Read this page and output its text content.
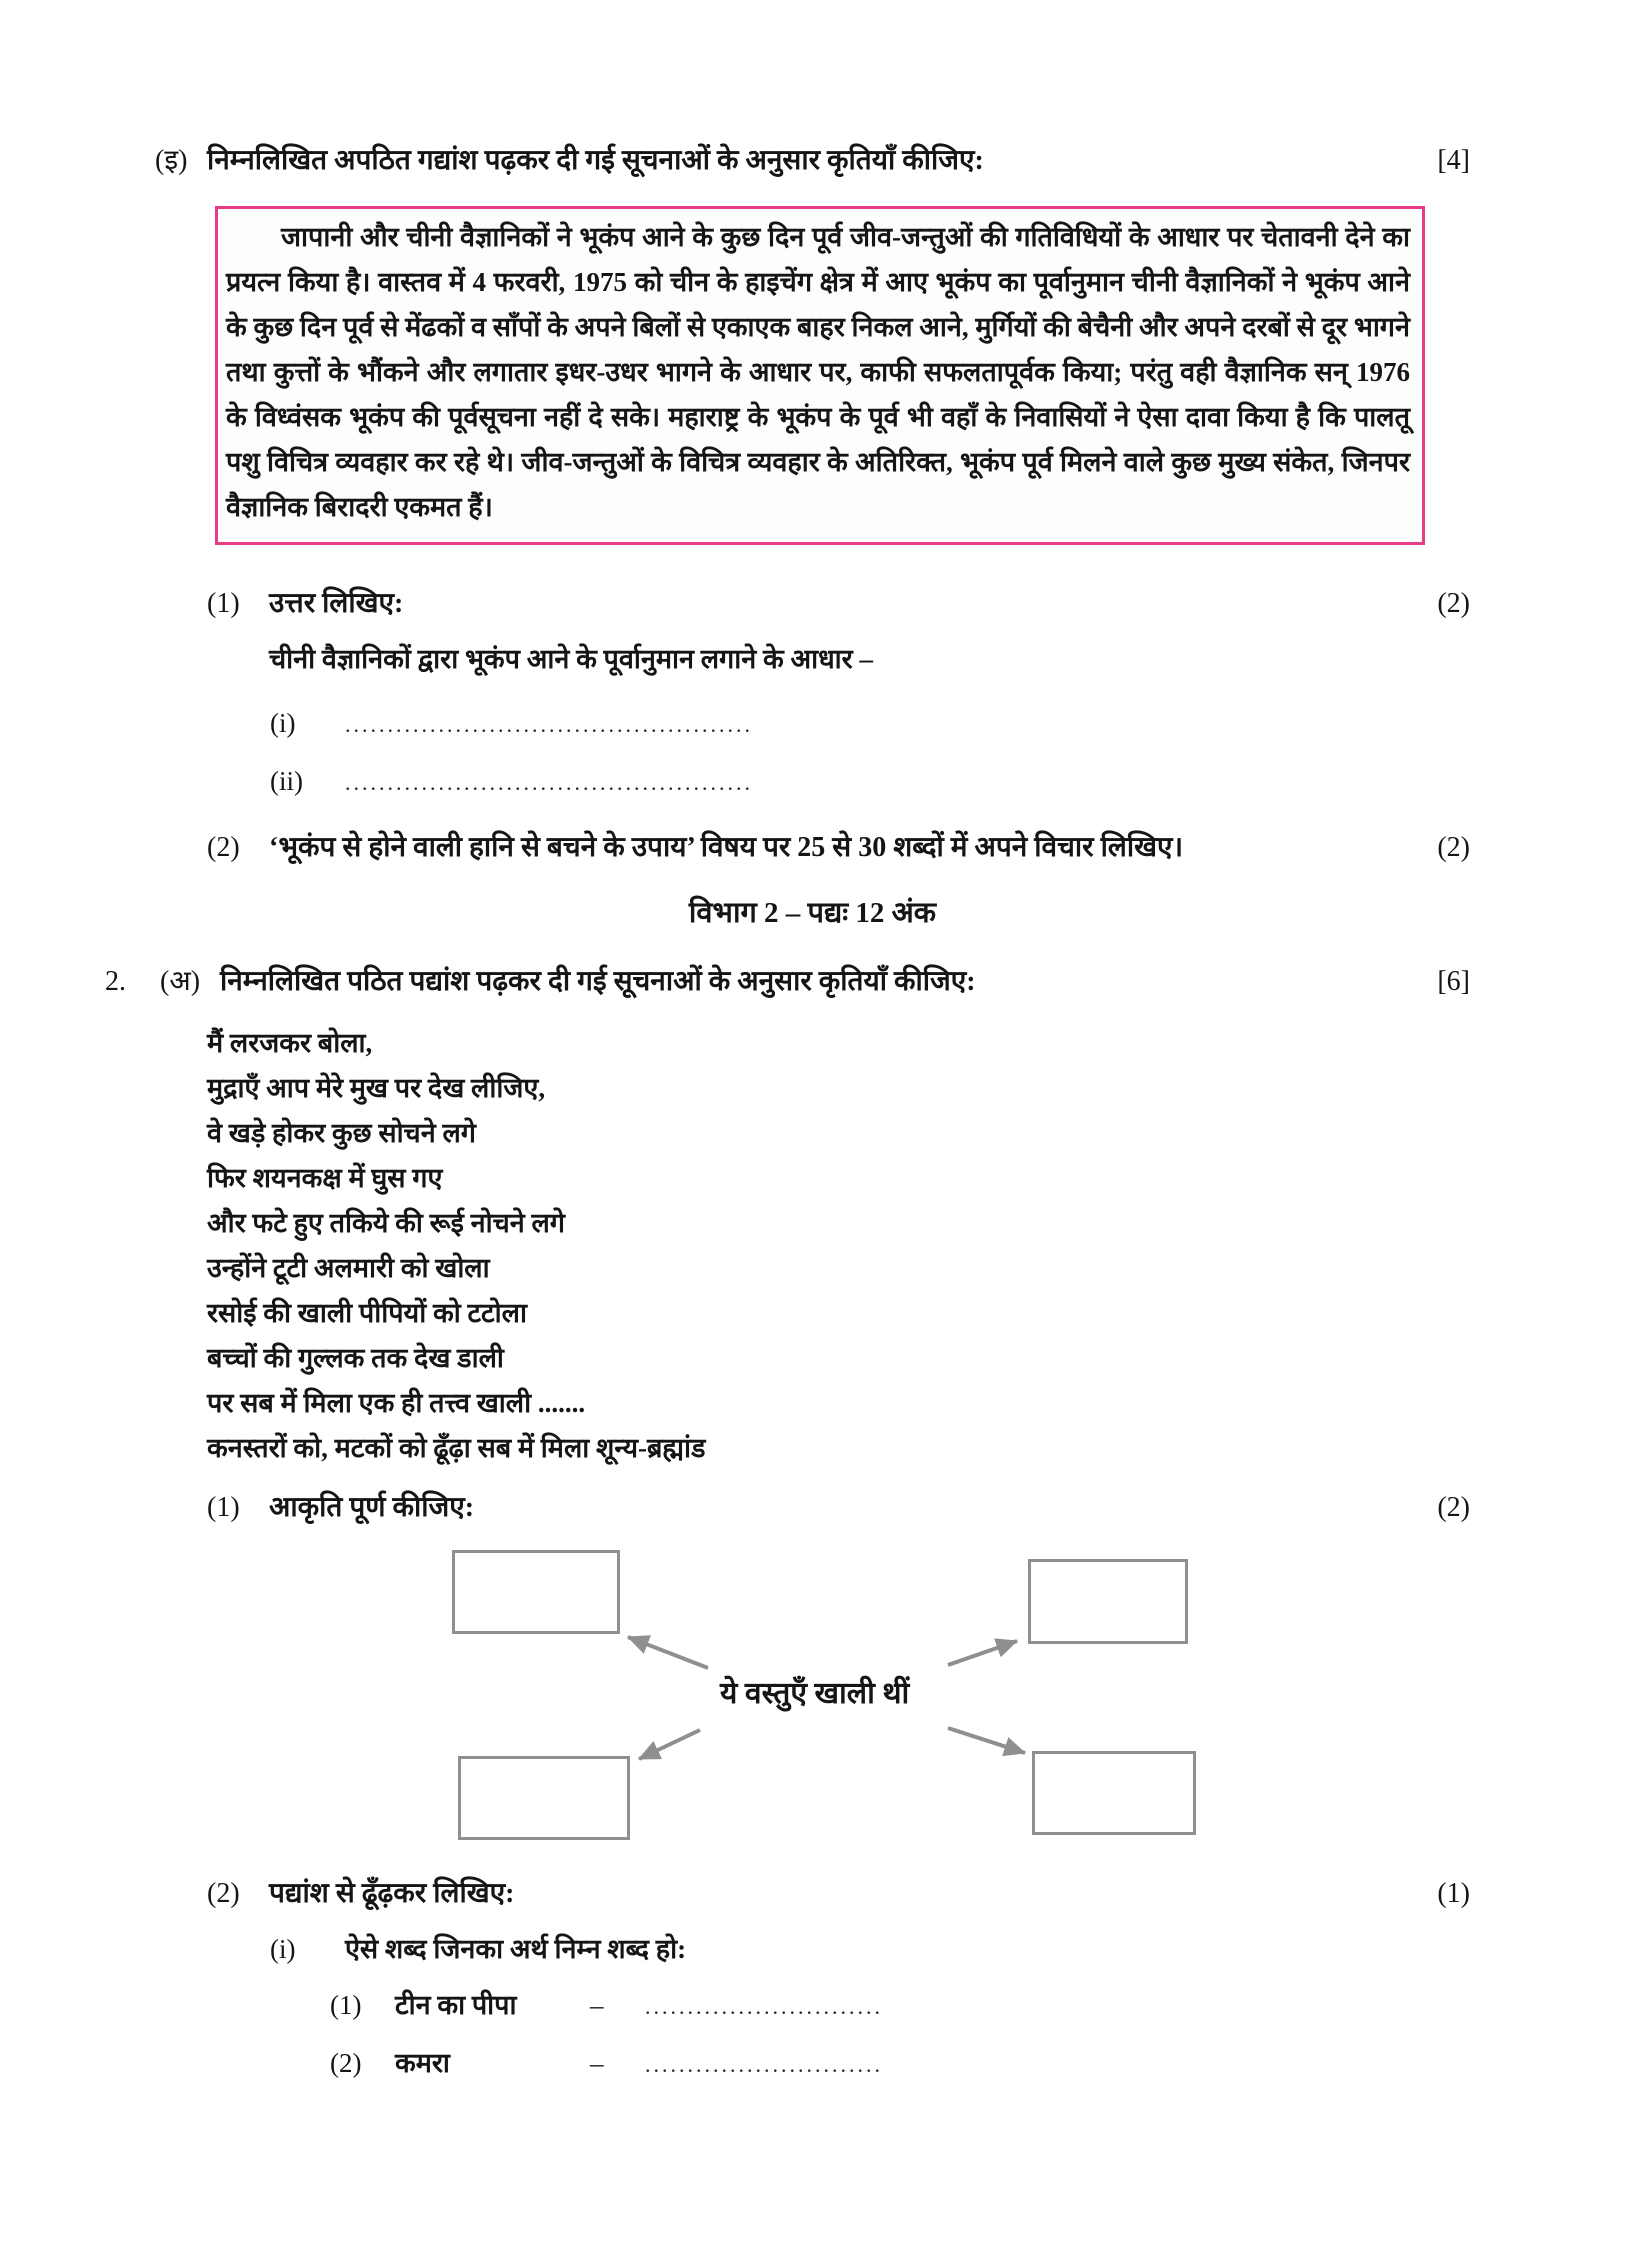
(इ) निम्नलिखित अपठित गद्यांश पढ़कर दी गई सूचनाओं के अनुसार कृतियाँ कीजिए:	[4]

जापानी और चीनी वैज्ञानिकों ने भूकंप आने के कुछ दिन पूर्व जीव-जन्तुओं की गतिविधियों के आधार पर चेतावनी देने का प्रयत्न किया है। वास्तव में 4 फरवरी, 1975 को चीन के हाइचेंग क्षेत्र में आए भूकंप का पूर्वानुमान चीनी वैज्ञानिकों ने भूकंप आने के कुछ दिन पूर्व से मेंढकों व साँपों के अपने बिलों से एकाएक बाहर निकल आने, मुर्गियों की बेचैनी और अपने दरबों से दूर भागने तथा कुत्तों के भौंकने और लगातार इधर-उधर भागने के आधार पर, काफी सफलतापूर्वक किया; परंतु वही वैज्ञानिक सन् 1976 के विध्वंसक भूकंप की पूर्वसूचना नहीं दे सके। महाराष्ट्र के भूकंप के पूर्व भी वहाँ के निवासियों ने ऐसा दावा किया है कि पालतू पशु विचित्र व्यवहार कर रहे थे। जीव-जन्तुओं के विचित्र व्यवहार के अतिरिक्त, भूकंप पूर्व मिलने वाले कुछ मुख्य संकेत, जिनपर वैज्ञानिक बिरादरी एकमत हैं।

(1)	उत्तर लिखिए:	(2)
चीनी वैज्ञानिकों द्वारा भूकंप आने के पूर्वानुमान लगाने के आधार –
(i)	................................................
(ii)	................................................
(2)	‘भूकंप से होने वाली हानि से बचने के उपाय’ विषय पर 25 से 30 शब्दों में अपने विचार लिखिए।	(2)
विभाग 2 – पद्यः 12 अंक
2.	(अ) निम्नलिखित पठित पद्यांश पढ़कर दी गई सूचनाओं के अनुसार कृतियाँ कीजिए:	[6]
मैं लरजकर बोला,
मुद्राएँ आप मेरे मुख पर देख लीजिए,
वे खड़े होकर कुछ सोचने लगे
फिर शयनकक्ष में घुस गए
और फटे हुए तकिये की रूई नोचने लगे
उन्होंने टूटी अलमारी को खोला
रसोई की खाली पीपियों को टटोला
बच्चों की गुल्लक तक देख डाली
पर सब में मिला एक ही तत्त्व खाली .......
कनस्तरों को, मटकों को ढूँढ़ा सब में मिला शून्य-ब्रह्मांड
(1)	आकृति पूर्ण कीजिए:	(2)
ये वस्तुएँ खाली थीं
(2)	पद्यांश से ढूँढ़कर लिखिए:	(1)
(i)	ऐसे शब्द जिनका अर्थ निम्न शब्द हो:
(1)	टीन का पीपा	–	............................
(2)	कमरा	–	............................
